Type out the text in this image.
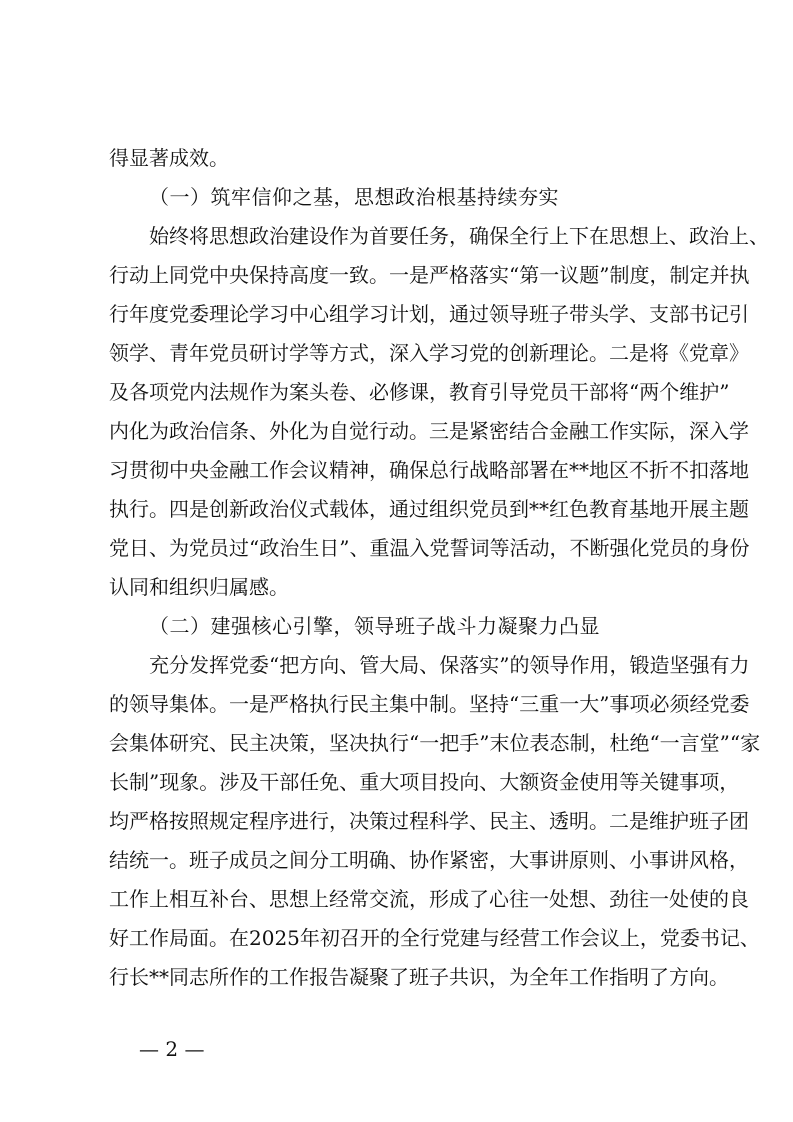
得显著成效。
（一）筑牢信仰之基，思想政治根基持续夯实
始终将思想政治建设作为首要任务，确保全行上下在思想上、政治上、
行动上同党中央保持高度一致。一是严格落实“第一议题”制度，制定并执
行年度党委理论学习中心组学习计划，通过领导班子带头学、支部书记引
领学、青年党员研讨学等方式，深入学习党的创新理论。二是将《党章》
及各项党内法规作为案头卷、必修课，教育引导党员干部将“两个维护”
内化为政治信条、外化为自觉行动。三是紧密结合金融工作实际，深入学
习贯彻中央金融工作会议精神，确保总行战略部署在**地区不折不扣落地
执行。四是创新政治仪式载体，通过组织党员到**红色教育基地开展主题
党日、为党员过“政治生日”、重温入党誓词等活动，不断强化党员的身份
认同和组织归属感。
（二）建强核心引擎，领导班子战斗力凝聚力凸显
充分发挥党委“把方向、管大局、保落实”的领导作用，锻造坚强有力
的领导集体。一是严格执行民主集中制。坚持“三重一大”事项必须经党委
会集体研究、民主决策，坚决执行“一把手”末位表态制，杜绝“一言堂”“家
长制”现象。涉及干部任免、重大项目投向、大额资金使用等关键事项，
均严格按照规定程序进行，决策过程科学、民主、透明。二是维护班子团
结统一。班子成员之间分工明确、协作紧密，大事讲原则、小事讲风格，
工作上相互补台、思想上经常交流，形成了心往一处想、劲往一处使的良
好工作局面。在2025年初召开的全行党建与经营工作会议上，党委书记、
行长**同志所作的工作报告凝聚了班子共识，为全年工作指明了方向。
— 2 —
